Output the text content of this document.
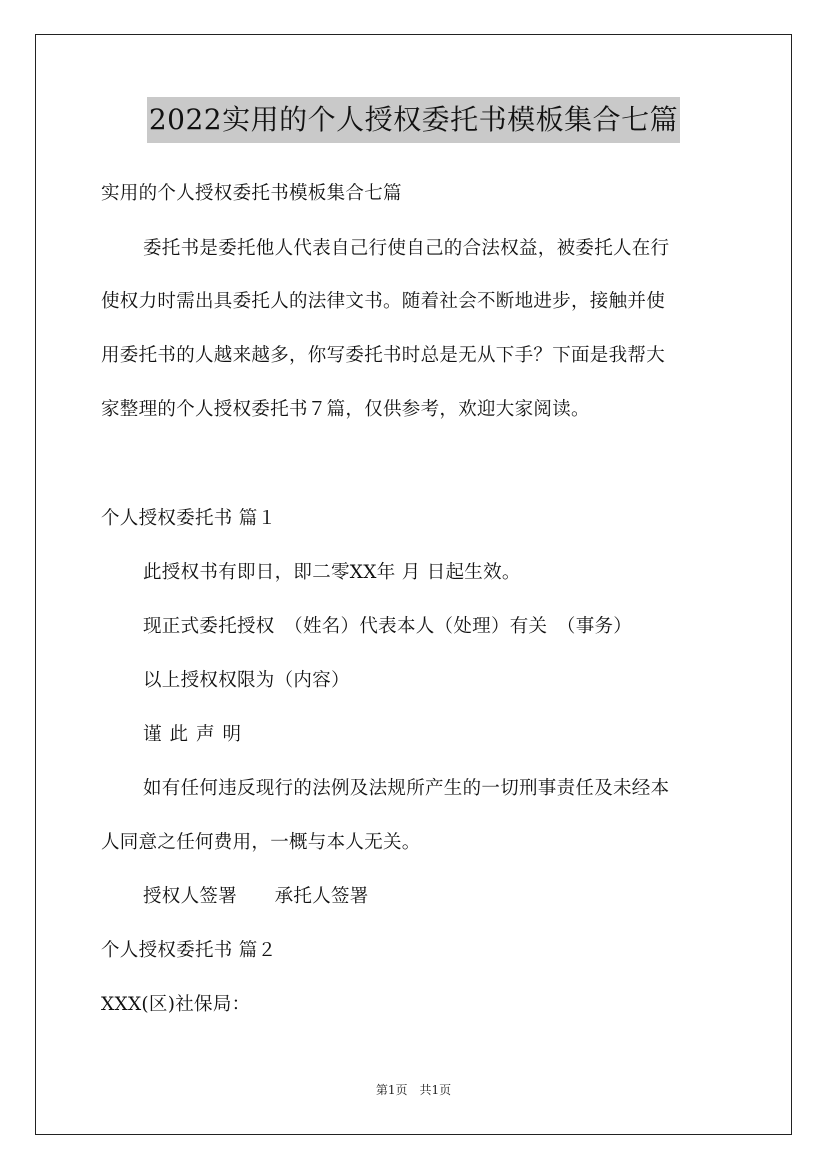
2022实用的个人授权委托书模板集合七篇
实用的个人授权委托书模板集合七篇
委托书是委托他人代表自己行使自己的合法权益，被委托人在行
使权力时需出具委托人的法律文书。随着社会不断地进步，接触并使
用委托书的人越来越多，你写委托书时总是无从下手？下面是我帮大
家整理的个人授权委托书７篇，仅供参考，欢迎大家阅读。
个人授权委托书 篇１
此授权书有即日，即二零XX年 月 日起生效。
现正式委托授权　（姓名）代表本人（处理）有关　（事务）
以上授权权限为（内容）
谨此声明
如有任何违反现行的法例及法规所产生的一切刑事责任及未经本
人同意之任何费用，一概与本人无关。
授权人签署　　承托人签署
个人授权委托书 篇２
XXX(区)社保局：
第1页　共1页
